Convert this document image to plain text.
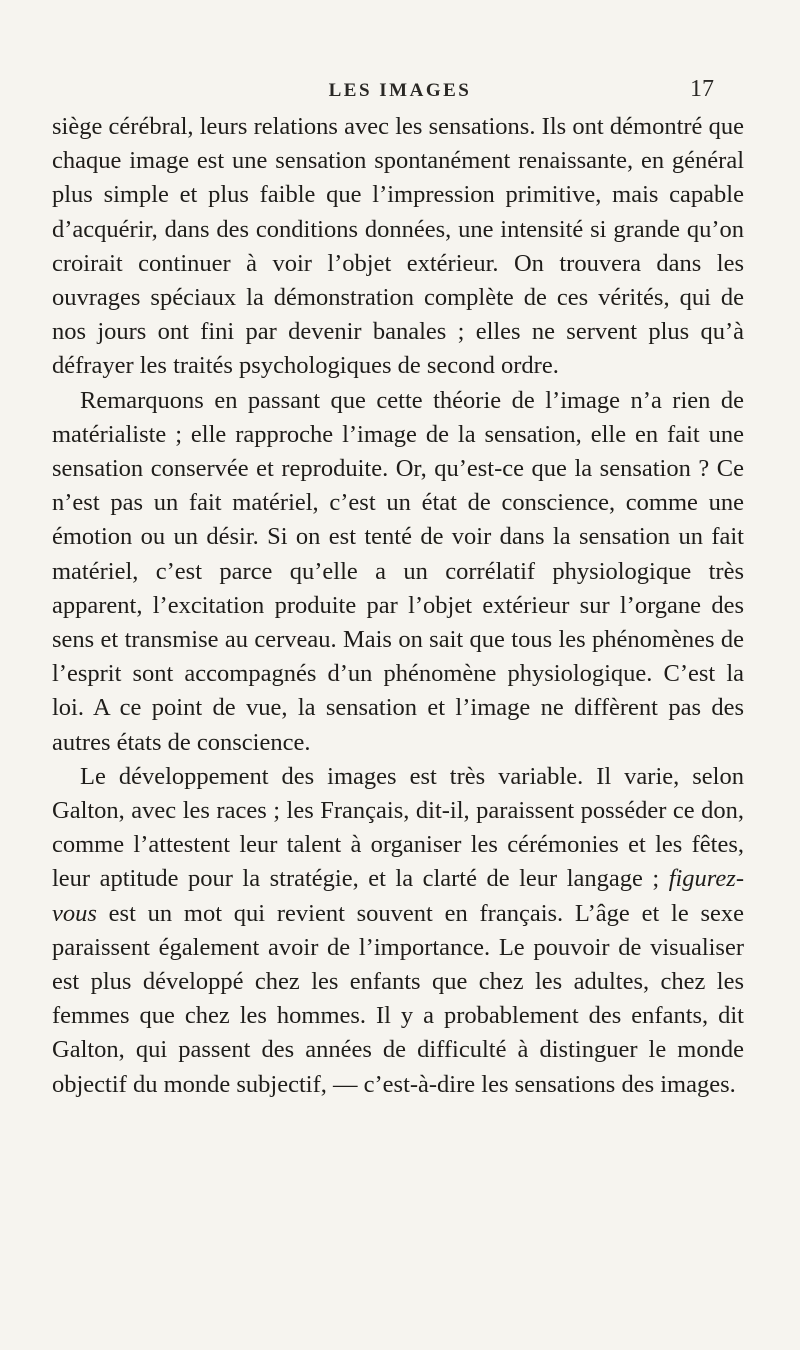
LES IMAGES	17

siège cérébral, leurs relations avec les sensations. Ils ont démontré que chaque image est une sensation spontanément renaissante, en général plus simple et plus faible que l’impression primitive, mais capable d’acquérir, dans des conditions données, une intensité si grande qu’on croirait continuer à voir l’objet extérieur. On trouvera dans les ouvrages spéciaux la démonstration complète de ces vérités, qui de nos jours ont fini par devenir banales ; elles ne servent plus qu’à défrayer les traités psychologiques de second ordre.

Remarquons en passant que cette théorie de l’image n’a rien de matérialiste ; elle rapproche l’image de la sensation, elle en fait une sensation conservée et reproduite. Or, qu’est-ce que la sensation ? Ce n’est pas un fait matériel, c’est un état de conscience, comme une émotion ou un désir. Si on est tenté de voir dans la sensation un fait matériel, c’est parce qu’elle a un corrélatif physiologique très apparent, l’excitation produite par l’objet extérieur sur l’organe des sens et transmise au cerveau. Mais on sait que tous les phénomènes de l’esprit sont accompagnés d’un phénomène physiologique. C’est la loi. A ce point de vue, la sensation et l’image ne diffèrent pas des autres états de conscience.

Le développement des images est très variable. Il varie, selon Galton, avec les races ; les Français, dit-il, paraissent posséder ce don, comme l’attestent leur talent à organiser les cérémonies et les fêtes, leur aptitude pour la stratégie, et la clarté de leur langage ; figurez-vous est un mot qui revient souvent en français. L’âge et le sexe paraissent également avoir de l’importance. Le pouvoir de visualiser est plus développé chez les enfants que chez les adultes, chez les femmes que chez les hommes. Il y a probablement des enfants, dit Galton, qui passent des années de difficulté à distinguer le monde objectif du monde subjectif, — c’est-à-dire les sensations des images.
